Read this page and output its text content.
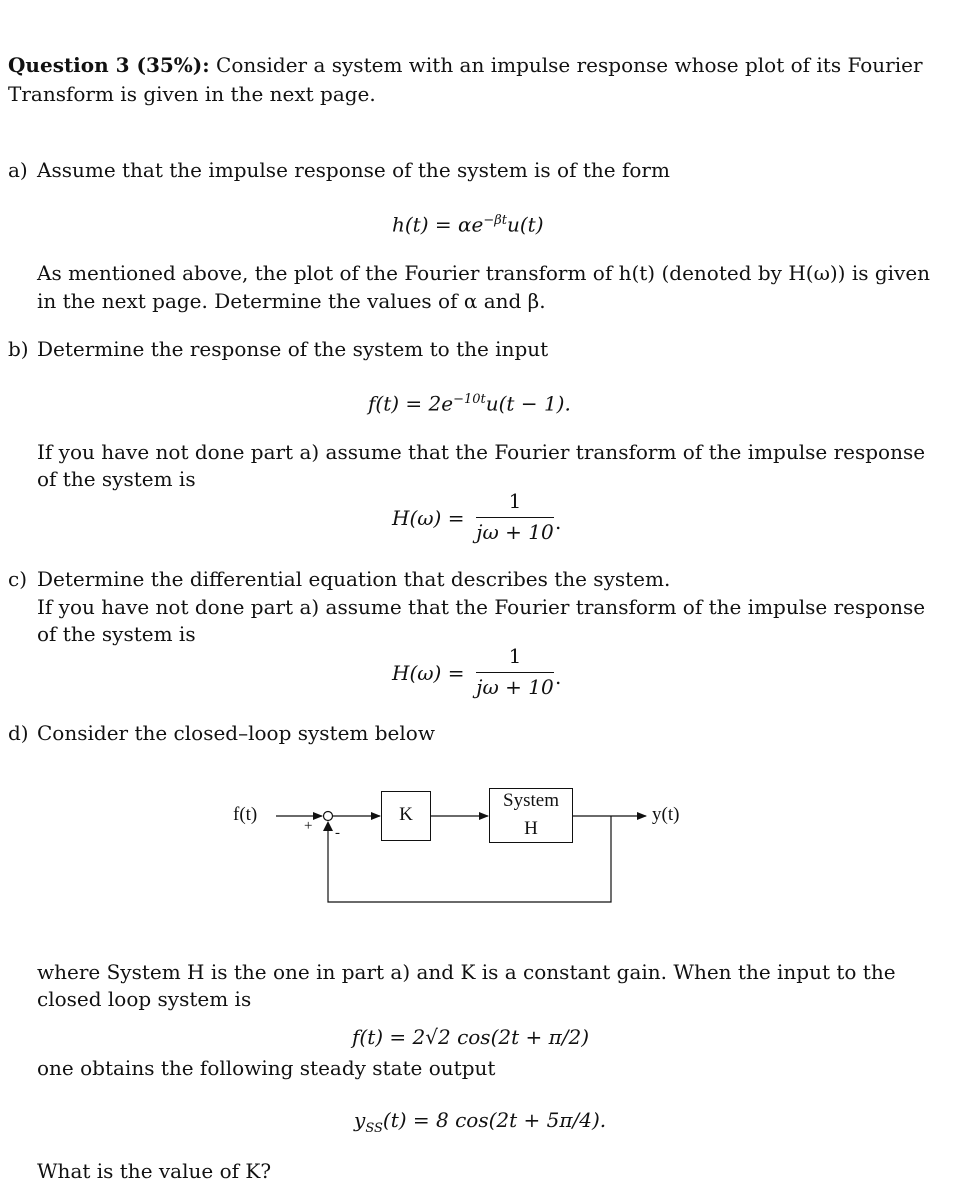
Question 3 (35%): Consider a system with an impulse response whose plot of its Fourier
Transform is given in the next page.
a) Assume that the impulse response of the system is of the form
$h(t) = \alpha e^{-\beta t}u(t)$
As mentioned above, the plot of the Fourier transform of h(t) (denoted by H(ω)) is given
in the next page. Determine the values of α and β.
b) Determine the response of the system to the input
$f(t) = 2e^{-10t}u(t - 1)$.
If you have not done part a) assume that the Fourier transform of the impulse response
of the system is
H(ω) =
1
jω + 10 .
c) Determine the differential equation that describes the system.
If you have not done part a) assume that the Fourier transform of the impulse response
of the system is
H(ω) =
1
jω + 10 .
d) Consider the closed–loop system below
f(t)
+ -
K
System
H
y(t)
where System H is the one in part a) and K is a constant gain. When the input to the
closed loop system is
f(t) = 2√2 cos(2t + π/2)
one obtains the following steady state output
$y_{SS}(t) = 8$ cos(2t + 5π/4).
What is the value of K?
